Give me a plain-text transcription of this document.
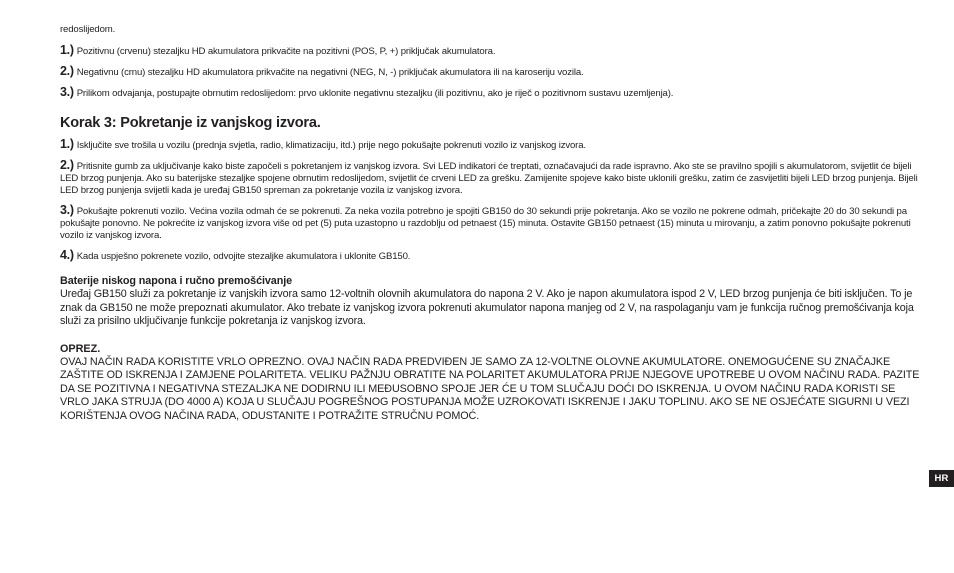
redoslijedom.

1.) Pozitivnu (crvenu) stezaljku HD akumulatora prikvačite na pozitivni (POS, P, +) priključak akumulatora.

2.) Negativnu (crnu) stezaljku HD akumulatora prikvačite na negativni (NEG, N, -) priključak akumulatora ili na karoseriju vozila.

3.) Prilikom odvajanja, postupajte obrnutim redoslijedom: prvo uklonite negativnu stezaljku (ili pozitivnu, ako je riječ o pozitivnom sustavu uzemljenja).

Korak 3: Pokretanje iz vanjskog izvora.

1.) Isključite sve trošila u vozilu (prednja svjetla, radio, klimatizaciju, itd.) prije nego pokušajte pokrenuti vozilo iz vanjskog izvora.

2.) Pritisnite gumb za uključivanje kako biste započeli s pokretanjem iz vanjskog izvora. Svi LED indikatori će treptati, označavajući da rade ispravno. Ako ste se pravilno spojili s akumulatorom, svijetlit će bijeli LED brzog punjenja. Ako su baterijske stezaljke spojene obrnutim redoslijedom, svijetlit će crveni LED za grešku. Zamijenite spojeve kako biste uklonili grešku, zatim će zasvijetliti bijeli LED brzog punjenja. Bijeli LED brzog punjenja svijetli kada je uređaj GB150 spreman za pokretanje vozila iz vanjskog izvora.

3.) Pokušajte pokrenuti vozilo. Većina vozila odmah će se pokrenuti. Za neka vozila potrebno je spojiti GB150 do 30 sekundi prije pokretanja. Ako se vozilo ne pokrene odmah, pričekajte 20 do 30 sekundi pa pokušajte ponovno. Ne pokrećite iz vanjskog izvora više od pet (5) puta uzastopno u razdoblju od petnaest (15) minuta. Ostavite GB150 petnaest (15) minuta u mirovanju, a zatim ponovno pokušajte pokrenuti vozilo iz vanjskog izvora.

4.) Kada uspješno pokrenete vozilo, odvojite stezaljke akumulatora i uklonite GB150.

Baterije niskog napona i ručno premošćivanje

Uređaj GB150 služi za pokretanje iz vanjskih izvora samo 12-voltnih olovnih akumulatora do napona 2 V. Ako je napon akumulatora ispod 2 V, LED brzog punjenja će biti isključen. To je znak da GB150 ne može prepoznati akumulator. Ako trebate iz vanjskog izvora pokrenuti akumulator napona manjeg od 2 V, na raspolaganju vam je funkcija ručnog premošćivanja koja služi za prisilno uključivanje funkcije pokretanja iz vanjskog izvora.

OPREZ.

OVAJ NAČIN RADA KORISTITE VRLO OPREZNO. OVAJ NAČIN RADA PREDVIĐEN JE SAMO ZA 12-VOLTNE OLOVNE AKUMULATORE. ONEMOGUĆENE SU ZNAČAJKE ZAŠTITE OD ISKRENJA I ZAMJENE POLARITETA. VELIKU PAŽNJU OBRATITE NA POLARITET AKUMULATORA PRIJE NJEGOVE UPOTREBE U OVOM NAČINU RADA. PAZITE DA SE POZITIVNA I NEGATIVNA STEZALJKA NE DODIRNU ILI MEĐUSOBNO SPOJE JER ĆE U TOM SLUČAJU DOĆI DO ISKRENJA. U OVOM NAČINU RADA KORISTI SE VRLO JAKA STRUJA (DO 4000 A) KOJA U SLUČAJU POGREŠNOG POSTUPANJA MOŽE UZROKOVATI ISKRENJE I JAKU TOPLINU. AKO SE NE OSJEĆATE SIGURNI U VEZI KORIŠTENJA OVOG NAČINA RADA, ODUSTANITE I POTRAŽITE STRUČNU POMOĆ.

HR
